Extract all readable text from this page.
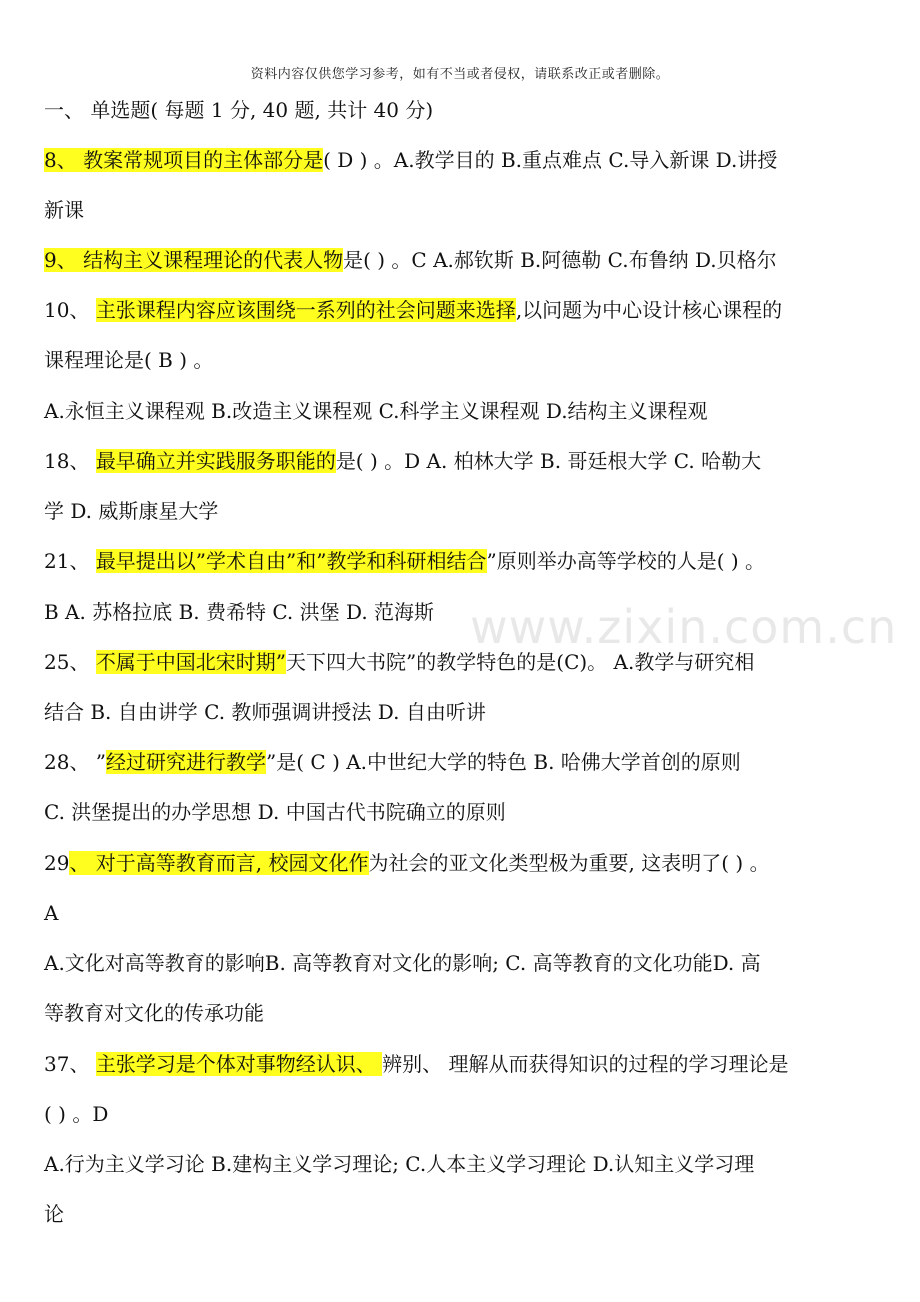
资料内容仅供您学习参考，如有不当或者侵权，请联系改正或者删除。
一、 单选题( 每题 1 分, 40 题, 共计 40 分)
8、 教案常规项目的主体部分是( D ) 。A.教学目的 B.重点难点 C.导入新课 D.讲授
新课
9、 结构主义课程理论的代表人物是( ) 。C A.郝钦斯 B.阿德勒 C.布鲁纳 D.贝格尔
10、 主张课程内容应该围绕一系列的社会问题来选择,以问题为中心设计核心课程的
课程理论是( B ) 。
A.永恒主义课程观 B.改造主义课程观 C.科学主义课程观 D.结构主义课程观
18、 最早确立并实践服务职能的是( ) 。D A. 柏林大学 B. 哥廷根大学 C. 哈勒大
学 D. 威斯康星大学
21、 最早提出以”学术自由”和”教学和科研相结合”原则举办高等学校的人是( ) 。
B A. 苏格拉底 B. 费希特 C. 洪堡 D. 范海斯
25、 不属于中国北宋时期”天下四大书院”的教学特色的是(C)。 A.教学与研究相
结合 B. 自由讲学 C. 教师强调讲授法 D. 自由听讲
28、 ”经过研究进行教学”是( C ) A.中世纪大学的特色 B. 哈佛大学首创的原则
C. 洪堡提出的办学思想 D. 中国古代书院确立的原则
29、 对于高等教育而言, 校园文化作为社会的亚文化类型极为重要, 这表明了( ) 。
A
A.文化对高等教育的影响B. 高等教育对文化的影响; C. 高等教育的文化功能D. 高
等教育对文化的传承功能
37、 主张学习是个体对事物经认识、 辨别、 理解从而获得知识的过程的学习理论是
( ) 。D
A.行为主义学习论 B.建构主义学习理论; C.人本主义学习理论 D.认知主义学习理
论
www.zixin.com.cn
